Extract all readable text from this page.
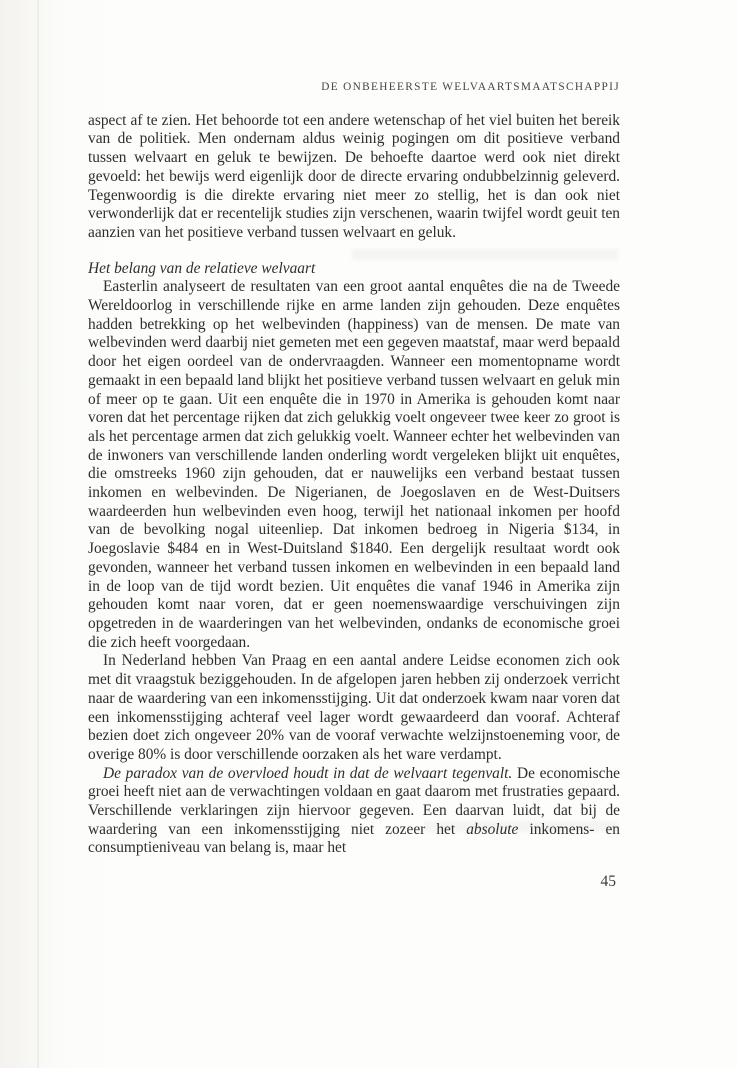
DE ONBEHEERSTE WELVAARTSMAATSCHAPPIJ

aspect af te zien. Het behoorde tot een andere wetenschap of het viel buiten het bereik van de politiek. Men ondernam aldus weinig pogingen om dit positieve verband tussen welvaart en geluk te bewijzen. De behoefte daartoe werd ook niet direkt gevoeld: het bewijs werd eigenlijk door de directe ervaring ondubbelzinnig geleverd. Tegenwoordig is die direkte ervaring niet meer zo stellig, het is dan ook niet verwonderlijk dat er recentelijk studies zijn verschenen, waarin twijfel wordt geuit ten aanzien van het positieve verband tussen welvaart en geluk.

Het belang van de relatieve welvaart

Easterlin analyseert de resultaten van een groot aantal enquêtes die na de Tweede Wereldoorlog in verschillende rijke en arme landen zijn gehouden. Deze enquêtes hadden betrekking op het welbevinden (happiness) van de mensen. De mate van welbevinden werd daarbij niet gemeten met een gegeven maatstaf, maar werd bepaald door het eigen oordeel van de ondervraagden. Wanneer een momentopname wordt gemaakt in een bepaald land blijkt het positieve verband tussen welvaart en geluk min of meer op te gaan. Uit een enquête die in 1970 in Amerika is gehouden komt naar voren dat het percentage rijken dat zich gelukkig voelt ongeveer twee keer zo groot is als het percentage armen dat zich gelukkig voelt. Wanneer echter het welbevinden van de inwoners van verschillende landen onderling wordt vergeleken blijkt uit enquêtes, die omstreeks 1960 zijn gehouden, dat er nauwelijks een verband bestaat tussen inkomen en welbevinden. De Nigerianen, de Joegoslaven en de West-Duitsers waardeerden hun welbevinden even hoog, terwijl het nationaal inkomen per hoofd van de bevolking nogal uiteenliep. Dat inkomen bedroeg in Nigeria $134, in Joegoslavie $484 en in West-Duitsland $1840. Een dergelijk resultaat wordt ook gevonden, wanneer het verband tussen inkomen en welbevinden in een bepaald land in de loop van de tijd wordt bezien. Uit enquêtes die vanaf 1946 in Amerika zijn gehouden komt naar voren, dat er geen noemenswaardige verschuivingen zijn opgetreden in de waarderingen van het welbevinden, ondanks de economische groei die zich heeft voorgedaan.

In Nederland hebben Van Praag en een aantal andere Leidse economen zich ook met dit vraagstuk beziggehouden. In de afgelopen jaren hebben zij onderzoek verricht naar de waardering van een inkomensstijging. Uit dat onderzoek kwam naar voren dat een inkomensstijging achteraf veel lager wordt gewaardeerd dan vooraf. Achteraf bezien doet zich ongeveer 20% van de vooraf verwachte welzijnstoeneming voor, de overige 80% is door verschillende oorzaken als het ware verdampt.

De paradox van de overvloed houdt in dat de welvaart tegenvalt. De economische groei heeft niet aan de verwachtingen voldaan en gaat daarom met frustraties gepaard. Verschillende verklaringen zijn hiervoor gegeven. Een daarvan luidt, dat bij de waardering van een inkomensstijging niet zozeer het absolute inkomens- en consumptieniveau van belang is, maar het

45
